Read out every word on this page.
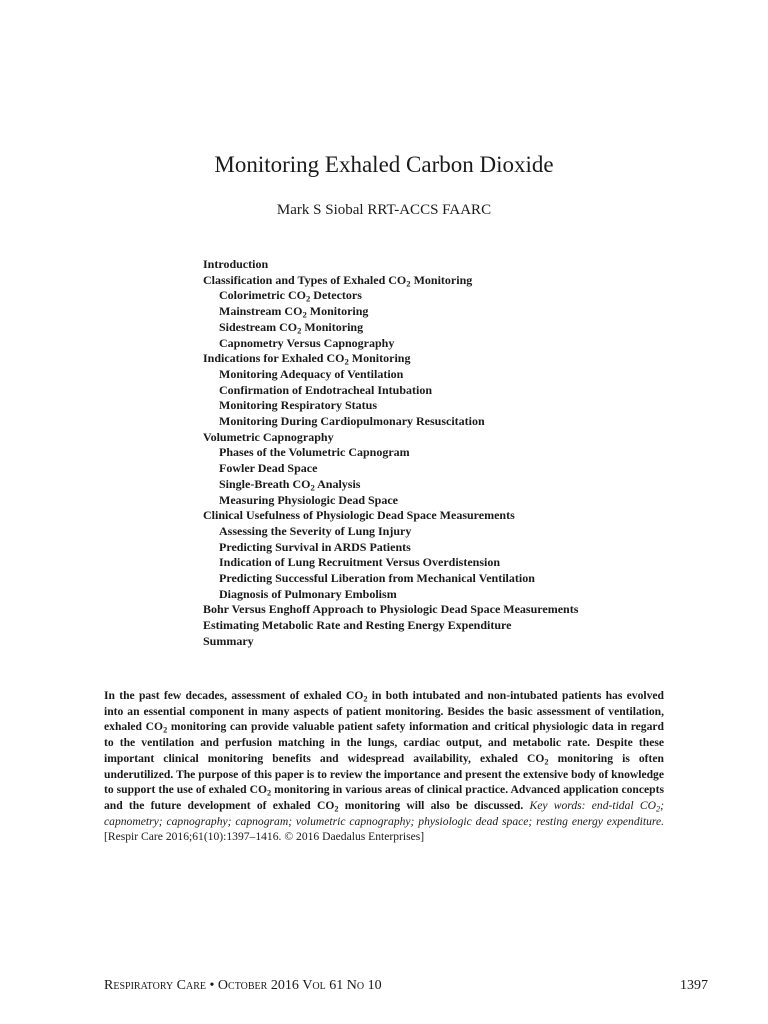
Monitoring Exhaled Carbon Dioxide
Mark S Siobal RRT-ACCS FAARC
Introduction
Classification and Types of Exhaled $CO_2$ Monitoring
Colorimetric $CO_2$ Detectors
Mainstream $CO_2$ Monitoring
Sidestream $CO_2$ Monitoring
Capnometry Versus Capnography
Indications for Exhaled $CO_2$ Monitoring
Monitoring Adequacy of Ventilation
Confirmation of Endotracheal Intubation
Monitoring Respiratory Status
Monitoring During Cardiopulmonary Resuscitation
Volumetric Capnography
Phases of the Volumetric Capnogram
Fowler Dead Space
Single-Breath $CO_2$ Analysis
Measuring Physiologic Dead Space
Clinical Usefulness of Physiologic Dead Space Measurements
Assessing the Severity of Lung Injury
Predicting Survival in ARDS Patients
Indication of Lung Recruitment Versus Overdistension
Predicting Successful Liberation from Mechanical Ventilation
Diagnosis of Pulmonary Embolism
Bohr Versus Enghoff Approach to Physiologic Dead Space Measurements
Estimating Metabolic Rate and Resting Energy Expenditure
Summary

In the past few decades, assessment of exhaled $CO_2$ in both intubated and non-intubated patients has evolved into an essential component in many aspects of patient monitoring. Besides the basic assessment of ventilation, exhaled $CO_2$ monitoring can provide valuable patient safety information and critical physiologic data in regard to the ventilation and perfusion matching in the lungs, cardiac output, and metabolic rate. Despite these important clinical monitoring benefits and widespread availability, exhaled $CO_2$ monitoring is often underutilized. The purpose of this paper is to review the importance and present the extensive body of knowledge to support the use of exhaled $CO_2$ monitoring in various areas of clinical practice. Advanced application concepts and the future development of exhaled $CO_2$ monitoring will also be discussed. Key words: end-tidal $CO_2$; capnometry; capnography; capnogram; volumetric capnography; physiologic dead space; resting energy expenditure. [Respir Care 2016;61(10):1397–1416. © 2016 Daedalus Enterprises]

Respiratory Care • October 2016 Vol 61 No 10	1397
